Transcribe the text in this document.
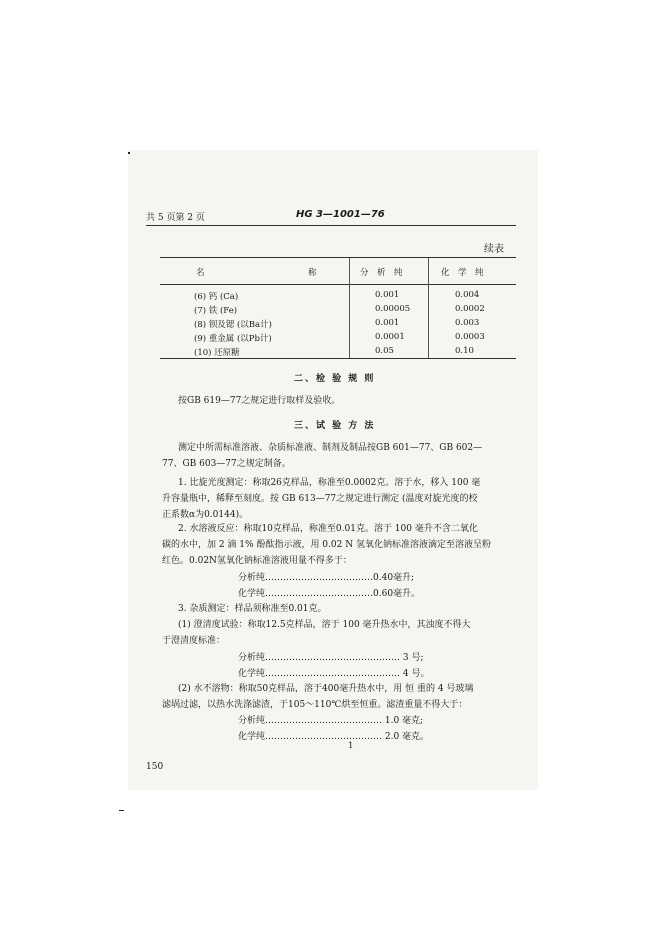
共 5 页第 2 页	HG 3—1001—76
续表
名	称	分　析　纯	化　学　纯
(6) 钙 (Ca)	0.001	0.004
(7) 铁 (Fe)	0.00005	0.0002
(8) 钡及锶 (以Ba计)	0.001	0.003
(9) 重金属 (以Pb计)	0.0001	0.0003
(10) 还原糖	0.05	0.10
二、检 验 规 则
按GB 619—77之规定进行取样及验收。
三、试 验 方 法
测定中所需标准溶液、杂质标准液、制剂及制品按GB 601—77、GB 602—
77、GB 603—77之规定制备。
1. 比旋光度测定：称取26克样品，称准至0.0002克。溶于水，移入 100 毫
升容量瓶中，稀释至刻度。按 GB 613—77之规定进行测定 (温度对旋光度的校
正系数α为0.0144)。
2. 水溶液反应：称取10克样品，称准至0.01克。溶于 100 毫升不含二氧化
碳的水中，加 2 滴 1% 酚酞指示液，用 0.02 N 氢氧化钠标准溶液滴定至溶液呈粉
红色。0.02N氢氧化钠标准溶液用量不得多于：
分析纯………………………………0.40毫升;
化学纯………………………………0.60毫升。
3. 杂质测定：样品须称准至0.01克。
(1) 澄清度试验：称取12.5克样品，溶于 100 毫升热水中，其浊度不得大
于澄清度标准：
分析纯……………………………………… 3 号;
化学纯……………………………………… 4 号。
(2) 水不溶物：称取50克样品，溶于400毫升热水中，用 恒 重的 4 号玻璃
滤埚过滤，以热水洗涤滤渣，于105～110℃烘至恒重。滤渣重量不得大于：
分析纯………………………………… 1.0 毫克;
化学纯………………………………… 2.0 毫克。
1
150
